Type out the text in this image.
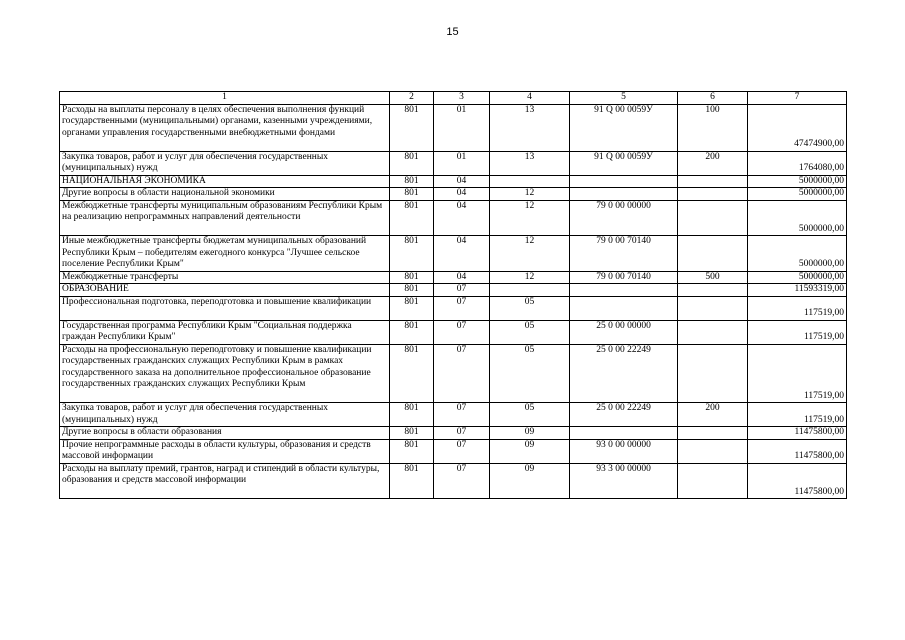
15
1	2	3	4	5	6	7
Расходы на выплаты персоналу в целях обеспечения выполнения функций государственными (муниципальными) органами, казенными учреждениями, органами управления государственными внебюджетными фондами	801	01	13	91 Q 00 0059У	100	47474900,00
Закупка товаров, работ и услуг для обеспечения государственных (муниципальных) нужд	801	01	13	91 Q 00 0059У	200	1764080,00
НАЦИОНАЛЬНАЯ ЭКОНОМИКА	801	04				5000000,00
Другие вопросы в области национальной экономики	801	04	12			5000000,00
Межбюджетные трансферты муниципальным образованиям Республики Крым на реализацию непрограммных направлений деятельности	801	04	12	79 0 00 00000		5000000,00
Иные межбюджетные трансферты бюджетам муниципальных образований Республики Крым – победителям ежегодного конкурса "Лучшее сельское поселение Республики Крым"	801	04	12	79 0 00 70140		5000000,00
Межбюджетные трансферты	801	04	12	79 0 00 70140	500	5000000,00
ОБРАЗОВАНИЕ	801	07				11593319,00
Профессиональная подготовка, переподготовка и повышение квалификации	801	07	05			117519,00
Государственная программа Республики Крым "Социальная поддержка граждан Республики Крым"	801	07	05	25 0 00 00000		117519,00
Расходы на профессиональную переподготовку и повышение квалификации государственных гражданских служащих Республики Крым в рамках государственного заказа на дополнительное профессиональное образование государственных гражданских служащих Республики Крым	801	07	05	25 0 00 22249		117519,00
Закупка товаров, работ и услуг для обеспечения государственных (муниципальных) нужд	801	07	05	25 0 00 22249	200	117519,00
Другие вопросы в области образования	801	07	09			11475800,00
Прочие непрограммные расходы в области культуры, образования и средств массовой информации	801	07	09	93 0 00 00000		11475800,00
Расходы на выплату премий, грантов, наград и стипендий в области культуры, образования и средств массовой информации	801	07	09	93 3 00 00000		11475800,00
